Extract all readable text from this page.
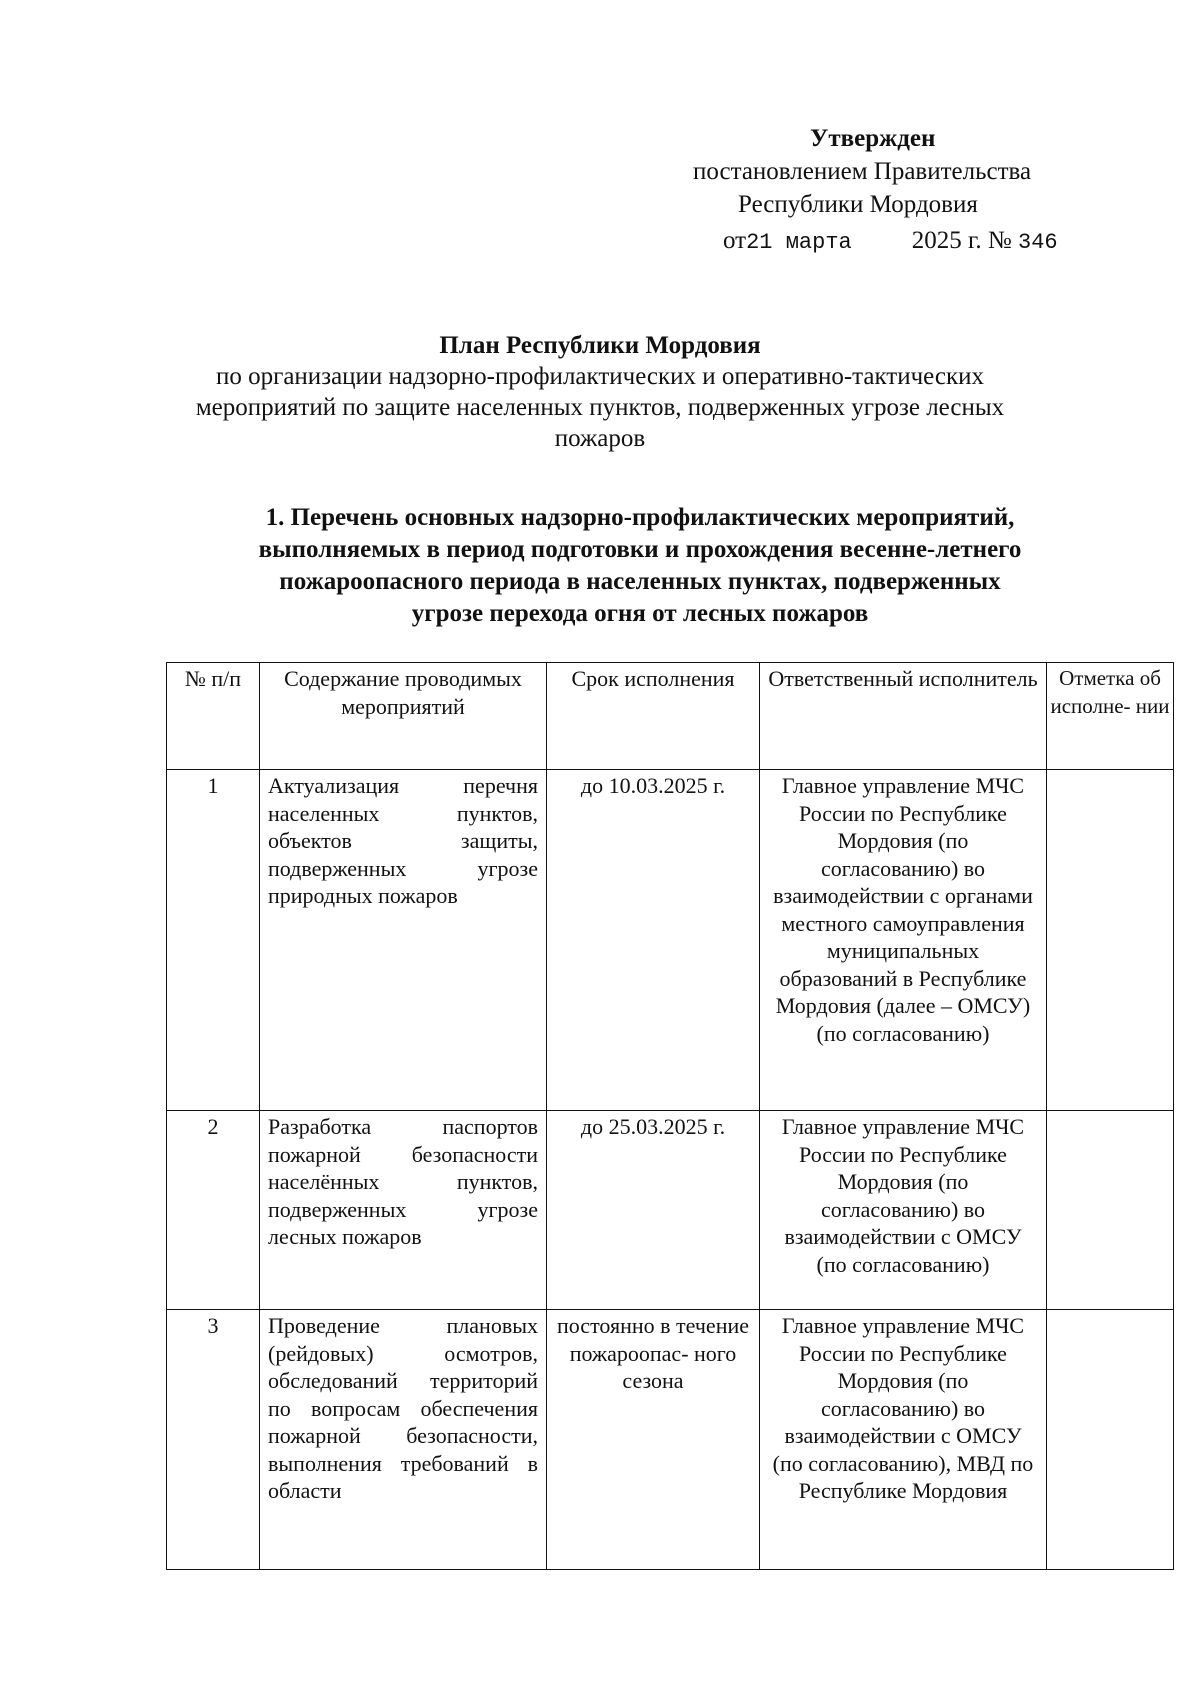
Утвержден
постановлением Правительства
Республики Мордовия
от21 марта 2025 г. № 346
План Республики Мордовия
по организации надзорно-профилактических и оперативно-тактических
мероприятий по защите населенных пунктов, подверженных угрозе лесных
пожаров
1. Перечень основных надзорно-профилактических мероприятий,
выполняемых в период подготовки и прохождения весенне-летнего
пожароопасного периода в населенных пунктах, подверженных
угрозе перехода огня от лесных пожаров
№ п/п	Содержание проводимых мероприятий	Срок исполнения	Ответственный исполнитель	Отметка об исполне- нии
1	Актуализация перечня населенных пунктов, объектов защиты, подверженных угрозе природных пожаров	до 10.03.2025 г.	Главное управление МЧС России по Республике Мордовия (по согласованию) во взаимодействии с органами местного самоуправления муниципальных образований в Республике Мордовия (далее – ОМСУ) (по согласованию)	
2	Разработка паспортов пожарной безопасности населённых пунктов, подверженных угрозе лесных пожаров	до 25.03.2025 г.	Главное управление МЧС России по Республике Мордовия (по согласованию) во взаимодействии с ОМСУ (по согласованию)	
3	Проведение плановых (рейдовых) осмотров, обследований территорий по вопросам обеспечения пожарной безопасности, выполнения требований в области	постоянно в течение пожароопас- ного сезона	Главное управление МЧС России по Республике Мордовия (по согласованию) во взаимодействии с ОМСУ (по согласованию), МВД по Республике Мордовия	
